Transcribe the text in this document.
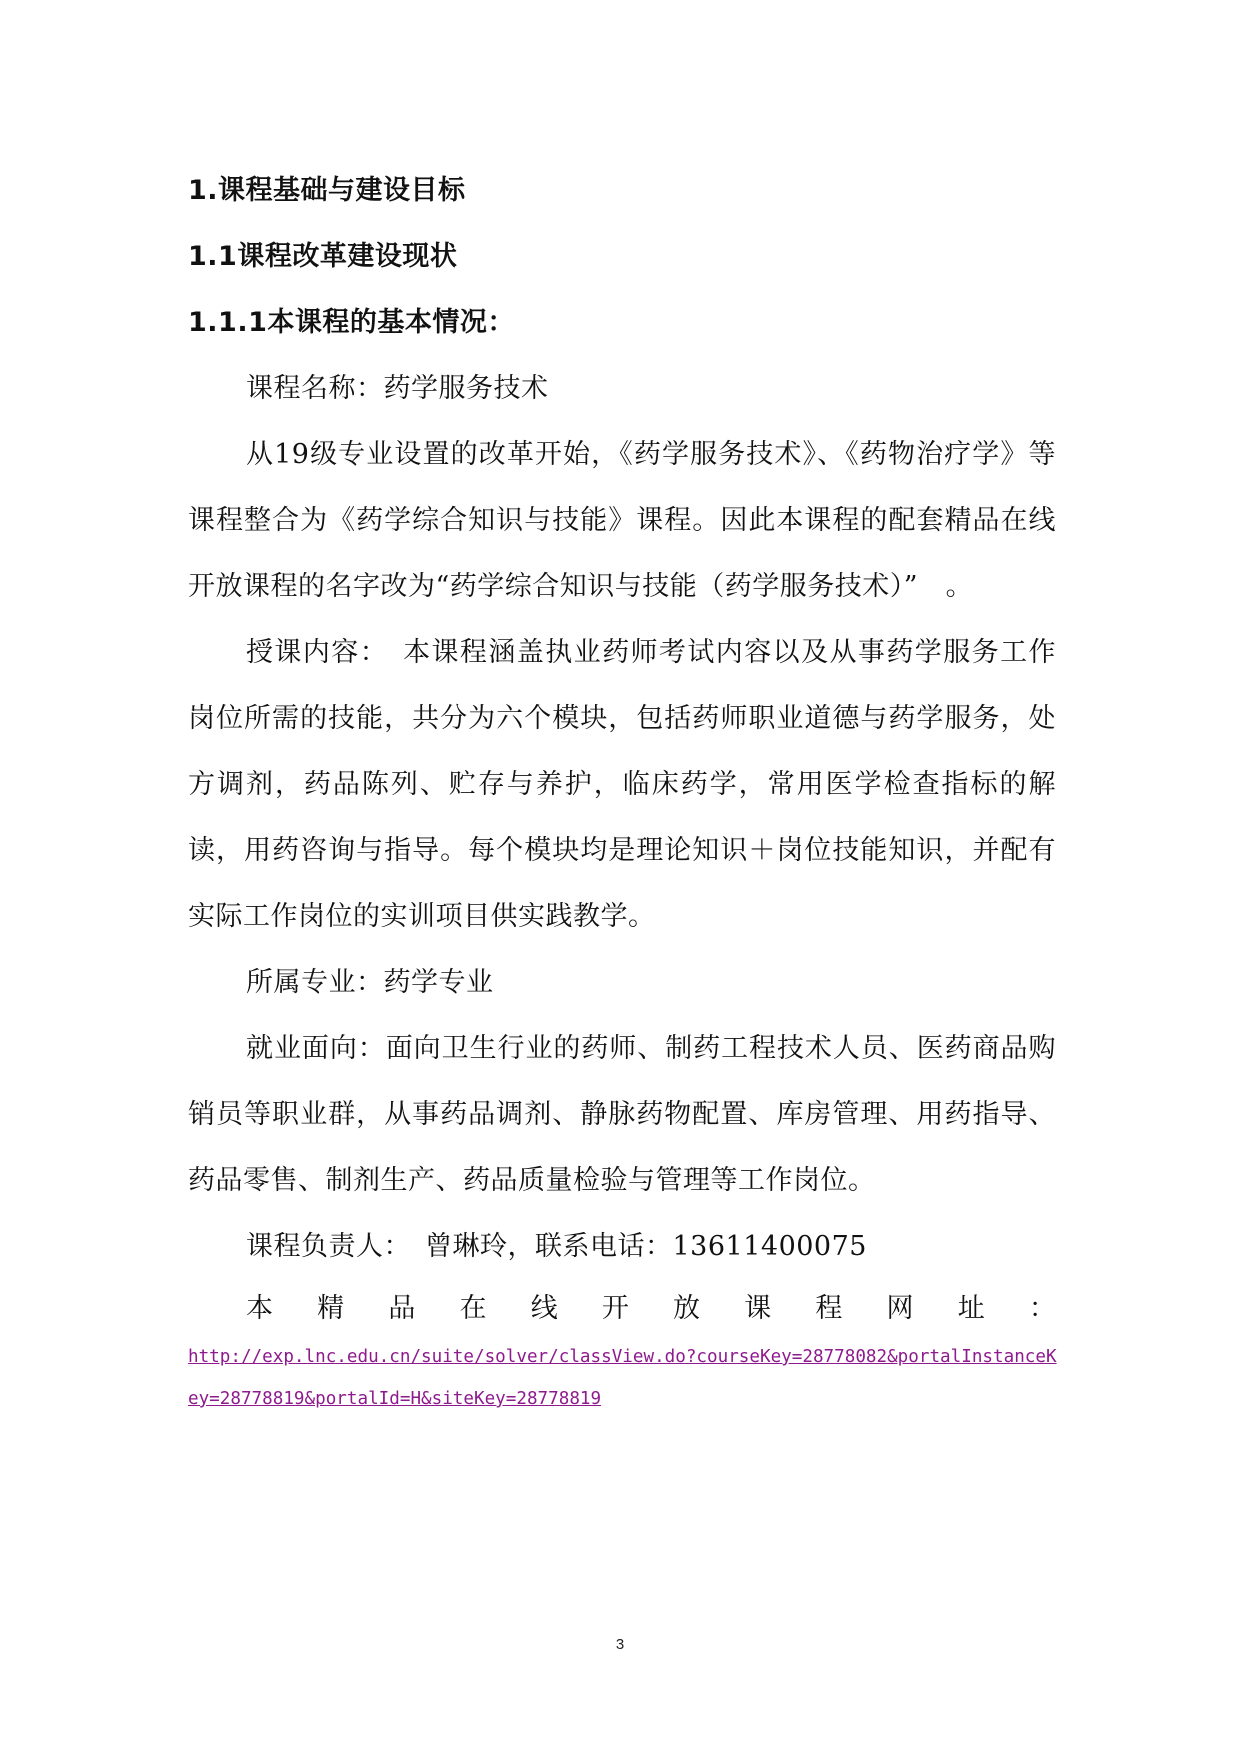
1.课程基础与建设目标
1.1课程改革建设现状
1.1.1本课程的基本情况：

课程名称：药学服务技术

从19级专业设置的改革开始，《药学服务技术》、《药物治疗学》等课程整合为《药学综合知识与技能》课程。因此本课程的配套精品在线开放课程的名字改为“药学综合知识与技能（药学服务技术）”　。

授课内容：　本课程涵盖执业药师考试内容以及从事药学服务工作岗位所需的技能，共分为六个模块，包括药师职业道德与药学服务，处方调剂，药品陈列、贮存与养护，临床药学，常用医学检查指标的解读，用药咨询与指导。每个模块均是理论知识＋岗位技能知识，并配有实际工作岗位的实训项目供实践教学。

所属专业：药学专业

就业面向：面向卫生行业的药师、制药工程技术人员、医药商品购销员等职业群，从事药品调剂、静脉药物配置、库房管理、用药指导、药品零售、制剂生产、药品质量检验与管理等工作岗位。

课程负责人：　曾琳玲，联系电话：13611400075

本 精 品 在 线 开 放 课 程 网 址 ：
http://exp.lnc.edu.cn/suite/solver/classView.do?courseKey=28778082&portalInstanceKey=28778819&portalId=H&siteKey=28778819
3
